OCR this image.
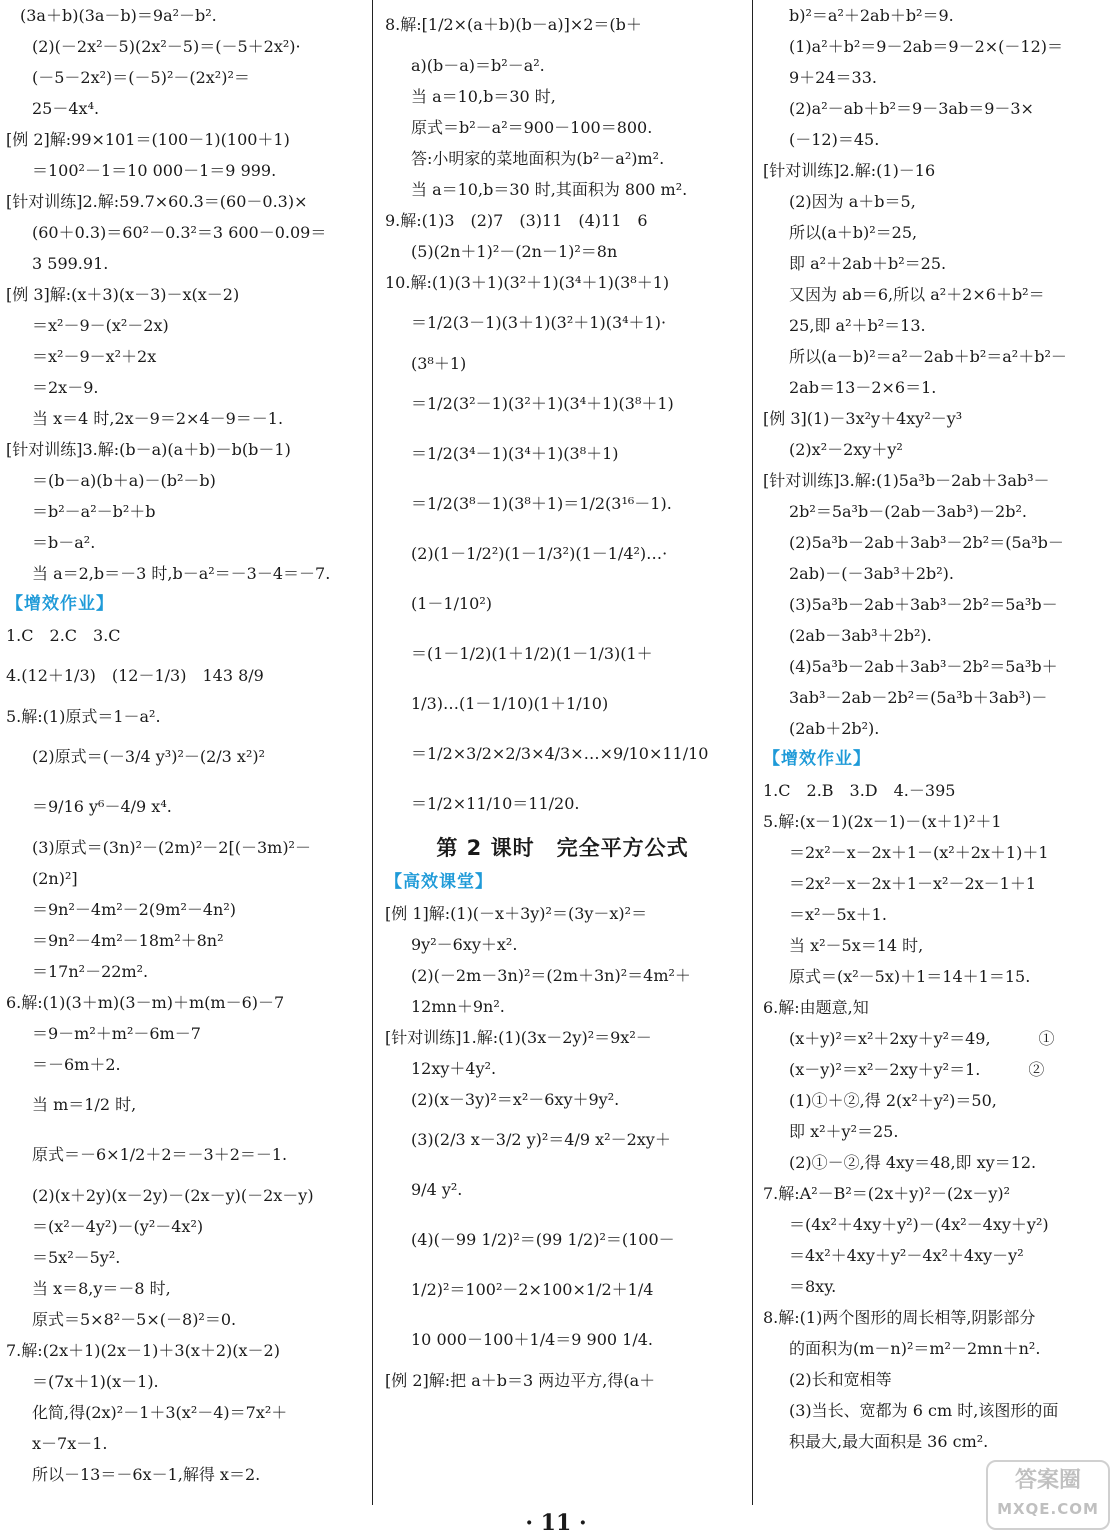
(3a＋b)(3a－b)＝9a²－b².
(2)(－2x²－5)(2x²－5)＝(－5＋2x²)·
(－5－2x²)＝(－5)²－(2x²)²＝
25－4x⁴.
[例 2]解:99×101＝(100－1)(100＋1)
＝100²－1＝10 000－1＝9 999.
[针对训练]2.解:59.7×60.3＝(60－0.3)×
(60＋0.3)＝60²－0.3²＝3 600－0.09＝
3 599.91.
[例 3]解:(x＋3)(x－3)－x(x－2)
＝x²－9－(x²－2x)
＝x²－9－x²＋2x
＝2x－9.
当 x＝4 时,2x－9＝2×4－9＝－1.
[针对训练]3.解:(b－a)(a＋b)－b(b－1)
＝(b－a)(b＋a)－(b²－b)
＝b²－a²－b²＋b
＝b－a².
当 a＝2,b＝－3 时,b－a²＝－3－4＝－7.
【增效作业】
1.C　2.C　3.C
4.(12＋1/3)　(12－1/3)　143 8/9
5.解:(1)原式＝1－a².
(2)原式＝(－3/4 y³)²－(2/3 x²)²
＝9/16 y⁶－4/9 x⁴.
(3)原式＝(3n)²－(2m)²－2[(－3m)²－
(2n)²]
＝9n²－4m²－2(9m²－4n²)
＝9n²－4m²－18m²＋8n²
＝17n²－22m².
6.解:(1)(3＋m)(3－m)＋m(m－6)－7
＝9－m²＋m²－6m－7
＝－6m＋2.
当 m＝1/2 时,
原式＝－6×1/2＋2＝－3＋2＝－1.
(2)(x＋2y)(x－2y)－(2x－y)(－2x－y)
＝(x²－4y²)－(y²－4x²)
＝5x²－5y².
当 x＝8,y＝－8 时,
原式＝5×8²－5×(－8)²＝0.
7.解:(2x＋1)(2x－1)＋3(x＋2)(x－2)
＝(7x＋1)(x－1).
化简,得(2x)²－1＋3(x²－4)＝7x²＋
x－7x－1.
所以－13＝－6x－1,解得 x＝2.
8.解:[1/2×(a＋b)(b－a)]×2＝(b＋
a)(b－a)＝b²－a².
当 a＝10,b＝30 时,
原式＝b²－a²＝900－100＝800.
答:小明家的菜地面积为(b²－a²)m².
当 a＝10,b＝30 时,其面积为 800 m².
9.解:(1)3　(2)7　(3)11　(4)11　6
(5)(2n＋1)²－(2n－1)²＝8n
10.解:(1)(3＋1)(3²＋1)(3⁴＋1)(3⁸＋1)
＝1/2(3－1)(3＋1)(3²＋1)(3⁴＋1)·
(3⁸＋1)
＝1/2(3²－1)(3²＋1)(3⁴＋1)(3⁸＋1)
＝1/2(3⁴－1)(3⁴＋1)(3⁸＋1)
＝1/2(3⁸－1)(3⁸＋1)＝1/2(3¹⁶－1).
(2)(1－1/2²)(1－1/3²)(1－1/4²)…·
(1－1/10²)
＝(1－1/2)(1＋1/2)(1－1/3)(1＋
1/3)…(1－1/10)(1＋1/10)
＝1/2×3/2×2/3×4/3×…×9/10×11/10
＝1/2×11/10＝11/20.
第 2 课时　完全平方公式
【高效课堂】
[例 1]解:(1)(－x＋3y)²＝(3y－x)²＝
9y²－6xy＋x².
(2)(－2m－3n)²＝(2m＋3n)²＝4m²＋
12mn＋9n².
[针对训练]1.解:(1)(3x－2y)²＝9x²－
12xy＋4y².
(2)(x－3y)²＝x²－6xy＋9y².
(3)(2/3 x－3/2 y)²＝4/9 x²－2xy＋
9/4 y².
(4)(－99 1/2)²＝(99 1/2)²＝(100－
1/2)²＝100²－2×100×1/2＋1/4
10 000－100＋1/4＝9 900 1/4.
[例 2]解:把 a＋b＝3 两边平方,得(a＋
b)²＝a²＋2ab＋b²＝9.
(1)a²＋b²＝9－2ab＝9－2×(－12)＝
9＋24＝33.
(2)a²－ab＋b²＝9－3ab＝9－3×
(－12)＝45.
[针对训练]2.解:(1)－16
(2)因为 a＋b＝5,
所以(a＋b)²＝25,
即 a²＋2ab＋b²＝25.
又因为 ab＝6,所以 a²＋2×6＋b²＝
25,即 a²＋b²＝13.
所以(a－b)²＝a²－2ab＋b²＝a²＋b²－
2ab＝13－2×6＝1.
[例 3](1)－3x²y＋4xy²－y³
(2)x²－2xy＋y²
[针对训练]3.解:(1)5a³b－2ab＋3ab³－
2b²＝5a³b－(2ab－3ab³)－2b².
(2)5a³b－2ab＋3ab³－2b²＝(5a³b－
2ab)－(－3ab³＋2b²).
(3)5a³b－2ab＋3ab³－2b²＝5a³b－
(2ab－3ab³＋2b²).
(4)5a³b－2ab＋3ab³－2b²＝5a³b＋
3ab³－2ab－2b²＝(5a³b＋3ab³)－
(2ab＋2b²).
【增效作业】
1.C　2.B　3.D　4.－395
5.解:(x－1)(2x－1)－(x＋1)²＋1
＝2x²－x－2x＋1－(x²＋2x＋1)＋1
＝2x²－x－2x＋1－x²－2x－1＋1
＝x²－5x＋1.
当 x²－5x＝14 时,
原式＝(x²－5x)＋1＝14＋1＝15.
6.解:由题意,知
(x＋y)²＝x²＋2xy＋y²＝49,　　　①
(x－y)²＝x²－2xy＋y²＝1.　　　②
(1)①＋②,得 2(x²＋y²)＝50,
即 x²＋y²＝25.
(2)①－②,得 4xy＝48,即 xy＝12.
7.解:A²－B²＝(2x＋y)²－(2x－y)²
＝(4x²＋4xy＋y²)－(4x²－4xy＋y²)
＝4x²＋4xy＋y²－4x²＋4xy－y²
＝8xy.
8.解:(1)两个图形的周长相等,阴影部分
的面积为(m－n)²＝m²－2mn＋n².
(2)长和宽相等
(3)当长、宽都为 6 cm 时,该图形的面
积最大,最大面积是 36 cm².
· 11 ·
答案圈
MXQE.COM
